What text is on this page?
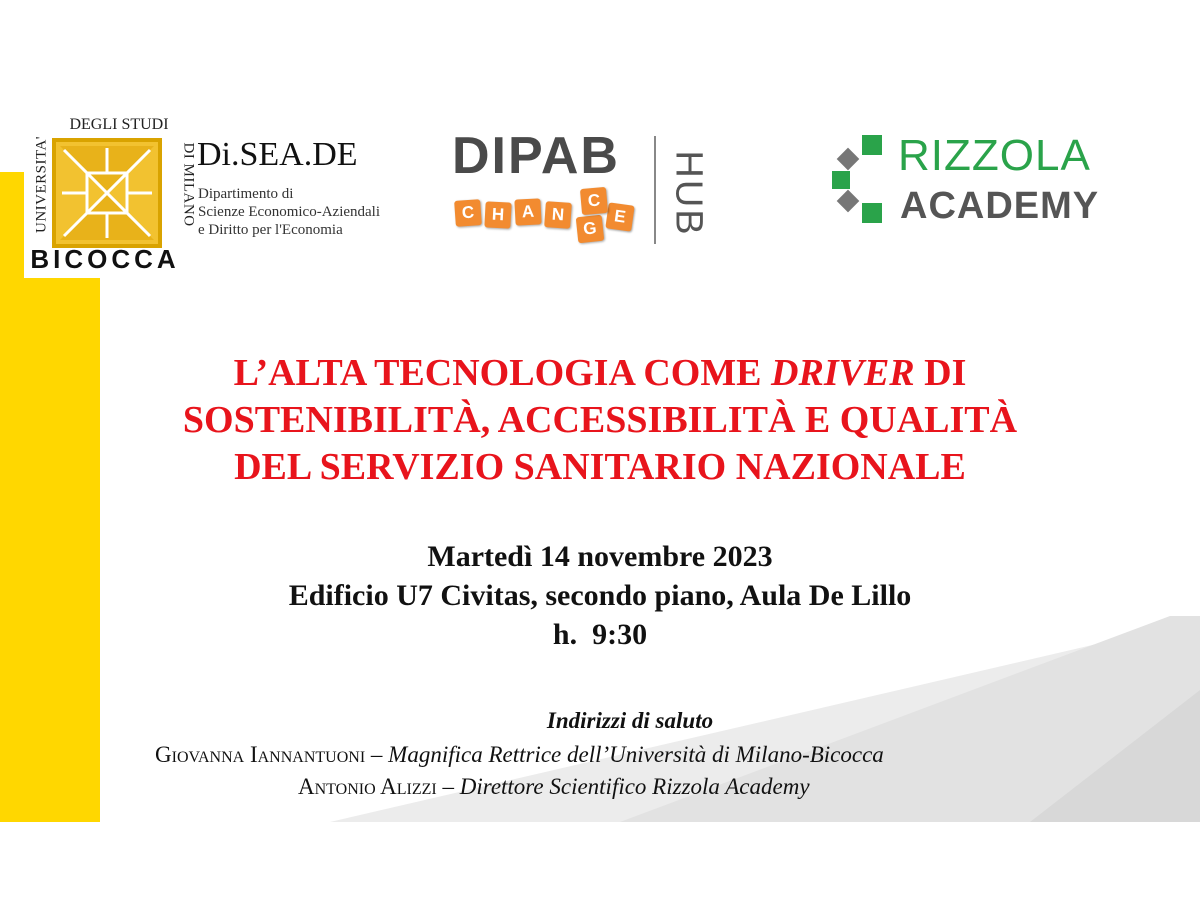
DEGLI STUDI
UNIVERSITA'	DI MILANO
BICOCCA
Di.SEA.DE
Dipartimento di
Scienze Economico-Aziendali
e Diritto per l'Economia
DIPAB HUB
C H A N
G
E
C
RIZZOLA
ACADEMY
L’ALTA TECNOLOGIA COME DRIVER DI
SOSTENIBILITÀ, ACCESSIBILITÀ E QUALITÀ
DEL SERVIZIO SANITARIO NAZIONALE
Martedì 14 novembre 2023
Edificio U7 Civitas, secondo piano, Aula De Lillo
h.  9:30
Indirizzi di saluto
Giovanna Iannantuoni – Magnifica Rettrice dell’Università di Milano-Bicocca
Antonio Alizzi – Direttore Scientifico Rizzola Academy
